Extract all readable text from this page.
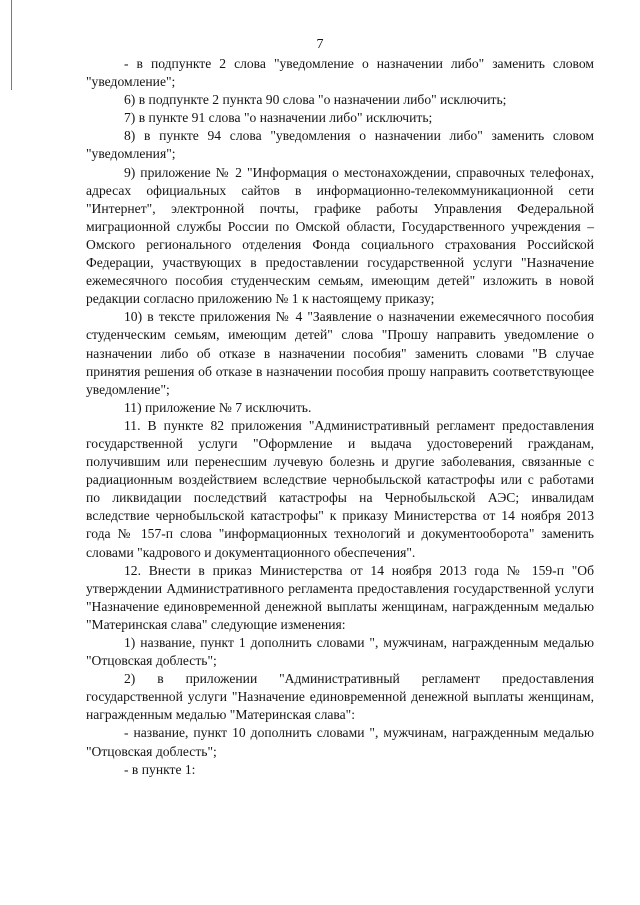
7

- в подпункте 2 слова "уведомление о назначении либо" заменить словом "уведомление";

6) в подпункте 2 пункта 90 слова "о назначении либо" исключить;

7) в пункте 91 слова "о назначении либо" исключить;

8) в пункте 94 слова "уведомления о назначении либо" заменить словом "уведомления";

9) приложение № 2 "Информация о местонахождении, справочных телефонах, адресах официальных сайтов в информационно-телекоммуникационной сети "Интернет", электронной почты, графике работы Управления Федеральной миграционной службы России по Омской области, Государственного учреждения – Омского регионального отделения Фонда социального страхования Российской Федерации, участвующих в предоставлении государственной услуги "Назначение ежемесячного пособия студенческим семьям, имеющим детей" изложить в новой редакции согласно приложению № 1 к настоящему приказу;

10) в тексте приложения № 4 "Заявление о назначении ежемесячного пособия студенческим семьям, имеющим детей" слова "Прошу направить уведомление о назначении либо об отказе в назначении пособия" заменить словами "В случае принятия решения об отказе в назначении пособия прошу направить соответствующее уведомление";

11) приложение № 7 исключить.

11. В пункте 82 приложения "Административный регламент предоставления государственной услуги "Оформление и выдача удостоверений гражданам, получившим или перенесшим лучевую болезнь и другие заболевания, связанные с радиационным воздействием вследствие чернобыльской катастрофы или с работами по ликвидации последствий катастрофы на Чернобыльской АЭС; инвалидам вследствие чернобыльской катастрофы" к приказу Министерства от 14 ноября 2013 года № 157-п слова "информационных технологий и документооборота" заменить словами "кадрового и документационного обеспечения".

12. Внести в приказ Министерства от 14 ноября 2013 года № 159-п "Об утверждении Административного регламента предоставления государственной услуги "Назначение единовременной денежной выплаты женщинам, награжденным медалью "Материнская слава" следующие изменения:

1) название, пункт 1 дополнить словами ", мужчинам, награжденным медалью "Отцовская доблесть";

2) в приложении "Административный регламент предоставления государственной услуги "Назначение единовременной денежной выплаты женщинам, награжденным медалью "Материнская слава":

- название, пункт 10 дополнить словами ", мужчинам, награжденным медалью "Отцовская доблесть";

- в пункте 1:
